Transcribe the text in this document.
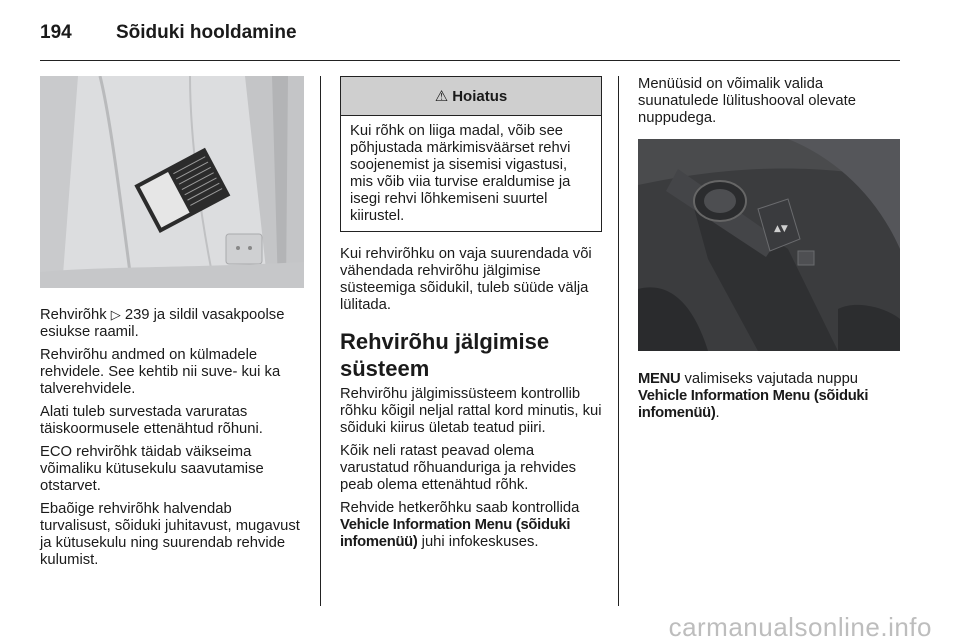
194 Sõiduki hooldamine

Rehvirõhk ▷ 239 ja sildil vasakpoolse esiukse raamil.

Rehvirõhu andmed on külmadele rehvidele. See kehtib nii suve- kui ka talverehvidele.

Alati tuleb survestada varuratas täiskoormusele ettenähtud rõhuni.

ECO rehvirõhk täidab väikseima võimaliku kütusekulu saavutamise otstarvet.

Ebaõige rehvirõhk halvendab turvalisust, sõiduki juhitavust, mugavust ja kütusekulu ning suurendab rehvide kulumist.

⚠ Hoiatus
Kui rõhk on liiga madal, võib see põhjustada märkimisväärset rehvi soojenemist ja sisemisi vigastusi, mis võib viia turvise eraldumise ja isegi rehvi lõhkemiseni suurtel kiirustel.

Kui rehvirõhku on vaja suurendada või vähendada rehvirõhu jälgimise süsteemiga sõidukil, tuleb süüde välja lülitada.

Rehvirõhu jälgimise süsteem

Rehvirõhu jälgimissüsteem kontrollib rõhku kõigil neljal rattal kord minutis, kui sõiduki kiirus ületab teatud piiri.

Kõik neli ratast peavad olema varustatud rõhuanduriga ja rehvides peab olema ettenähtud rõhk.

Rehvide hetkerõhku saab kontrollida Vehicle Information Menu (sõiduki infomenüü) juhi infokeskuses.

Menüüsid on võimalik valida suunatulede lülitushooval olevate nuppudega.

▲▼

MENU valimiseks vajutada nuppu Vehicle Information Menu (sõiduki infomenüü).

carmanualsonline.info
